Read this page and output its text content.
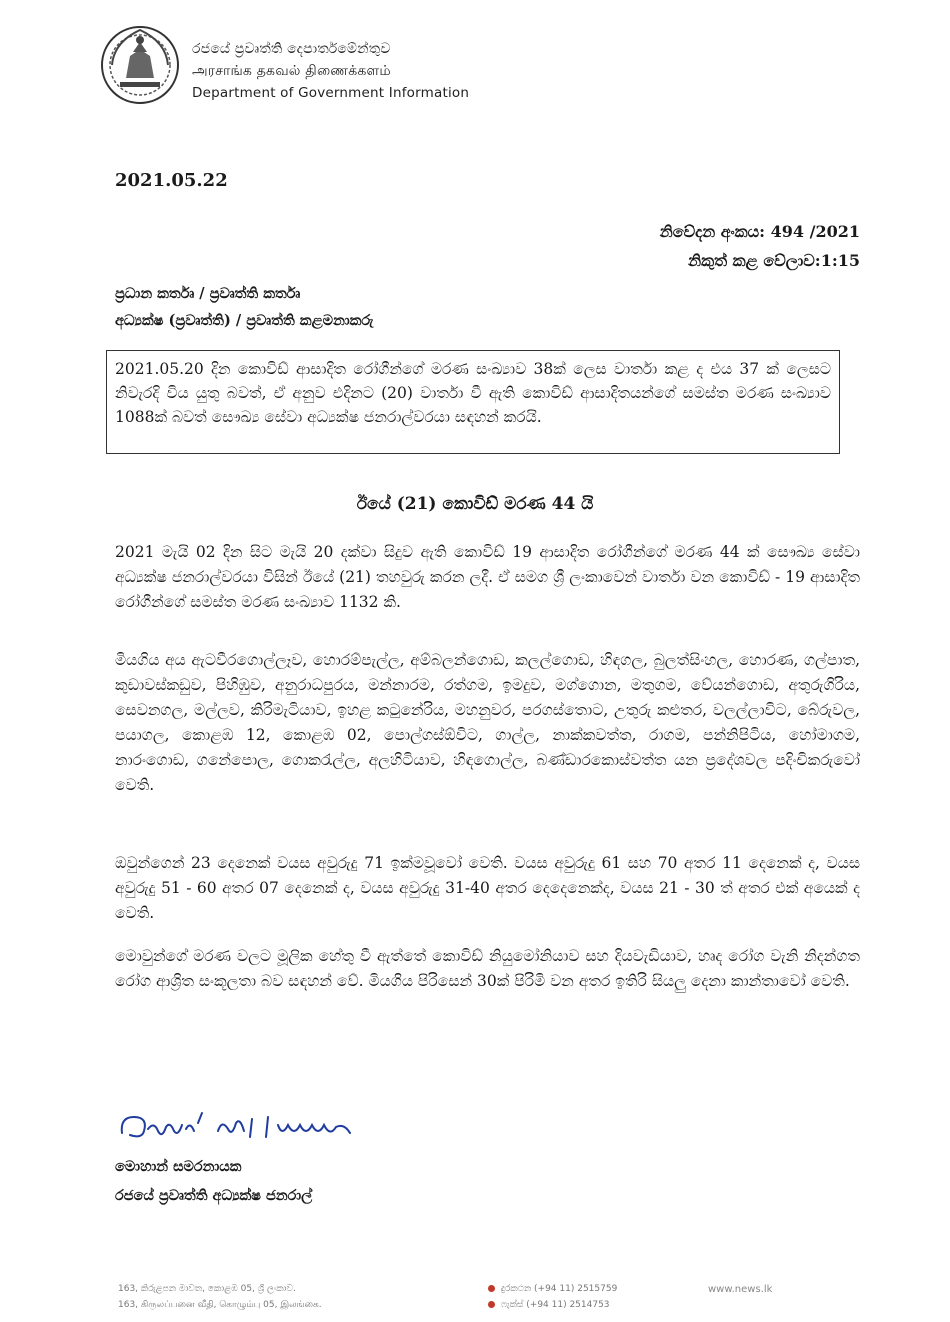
රජයේ ප්‍රවෘත්ති දෙපාර්තමේන්තුව
அரசாங்க தகவல் திணைக்களம்
Department of Government Information
2021.05.22
නිවේදන අංකය: 494 /2021
නිකුත් කළ වේලාව:1:15
ප්‍රධාන කර්තෘ / ප්‍රවෘත්ති කර්තෘ
අධ්‍යක්ෂ (ප්‍රවෘත්ති) / ප්‍රවෘත්ති කළමනාකරු

2021.05.20 දින කොවිඩ් ආසාදිත රෝගීන්ගේ මරණ සංඛ්‍යාව 38ක් ලෙස වාර්තා කළ ද එය 37 ක් ලෙසට නිවැරදි විය යුතු බවත්, ඒ අනුව එදිනට (20) වාර්තා වී ඇති කොවිඩ් ආසාදිතයන්ගේ සමස්ත මරණ සංඛ්‍යාව 1088ක් බවත් සෞඛ්‍ය සේවා අධ්‍යක්ෂ ජනරාල්වරයා සඳහන් කරයි.

ඊයේ (21) කොවිඩ් මරණ 44 යි

2021 මැයි 02 දින සිට මැයි 20 දක්වා සිදුව ඇති කොවිඩ් 19 ආසාදිත රෝගීන්ගේ මරණ 44 ක් සෞඛ්‍ය සේවා අධ්‍යක්ෂ ජනරාල්වරයා විසින් ඊයේ (21) තහවුරු කරන ලදී. ඒ සමග ශ්‍රී ලංකාවෙන් වාර්තා වන කොවිඩ් - 19 ආසාදිත රෝගීන්ගේ සමස්ත මරණ සංඛ්‍යාව 1132 කි.

මියගිය අය ඇටවීරගොල්ලෑව, හොරම්පැල්ල, අම්බලන්ගොඩ, කලල්ගොඩ, හිඳගල, බුලත්සිංහල, හොරණ, ගල්පාත, කුඩාවස්කඩුව, පිහිඹුව, අනුරාධපුරය, මන්නාරම, රත්ගම, ඉමදුව, මග්ගොන, මතුගම, වේයන්ගොඩ, අතුරුගිරිය, සෙවනගල, මල්ලව, කිරිමැටියාව, ඉහළ කටුනේරිය, මහනුවර, පරගස්තොට, උතුරු කළුතර, වලල්ලාවිට, බේරුවල, පයාගල, කොළඹ 12, කොළඹ 02, පොල්ගස්ඕවිට, ගාල්ල, නාක්කවත්ත, රාගම, පන්නිපිටිය, හෝමාගම, නාරංගොඩ, ගනේපොල, ගොකරැල්ල, අලහිටියාව, හිඳගොල්ල, බණ්ඩාරකොස්වත්ත යන ප්‍රදේශවල පදිංචිකරුවෝ වෙති.

ඔවුන්ගෙන් 23 දෙනෙක් වයස අවුරුදු 71 ඉක්මවූවෝ වෙති. වයස අවුරුදු 61 සහ 70 අතර 11 දෙනෙක් ද, වයස අවුරුදු 51 - 60 අතර 07 දෙනෙක් ද, වයස අවුරුදු 31-40 අතර දෙදෙනෙක්ද, වයස 21 - 30 ත් අතර එක් අයෙක් ද වෙති.

මොවුන්ගේ මරණ වලට මූලික හේතු වී ඇත්තේ කොවිඩ් නියුමෝනියාව සහ දියවැඩියාව, හෘද රෝග වැනි නිදන්ගත රෝග ආශ්‍රිත සංකූලතා බව සඳහන් වේ. මියගිය පිරිසෙන් 30ක් පිරිමි වන අතර ඉතිරි සියලු දෙනා කාන්තාවෝ වෙති.

මොහාන් සමරනායක
රජයේ ප්‍රවෘත්ති අධ්‍යක්ෂ ජනරාල්
163, කිරුළපන මාවත, කොළඹ 05, ශ්‍රී ලංකාව.
163, கிருலப்பனை வீதி, கொழும்பு 05, இலங்கை.
දුරකථන (+94 11) 2515759
ෆැක්ස් (+94 11) 2514753
www.news.lk
